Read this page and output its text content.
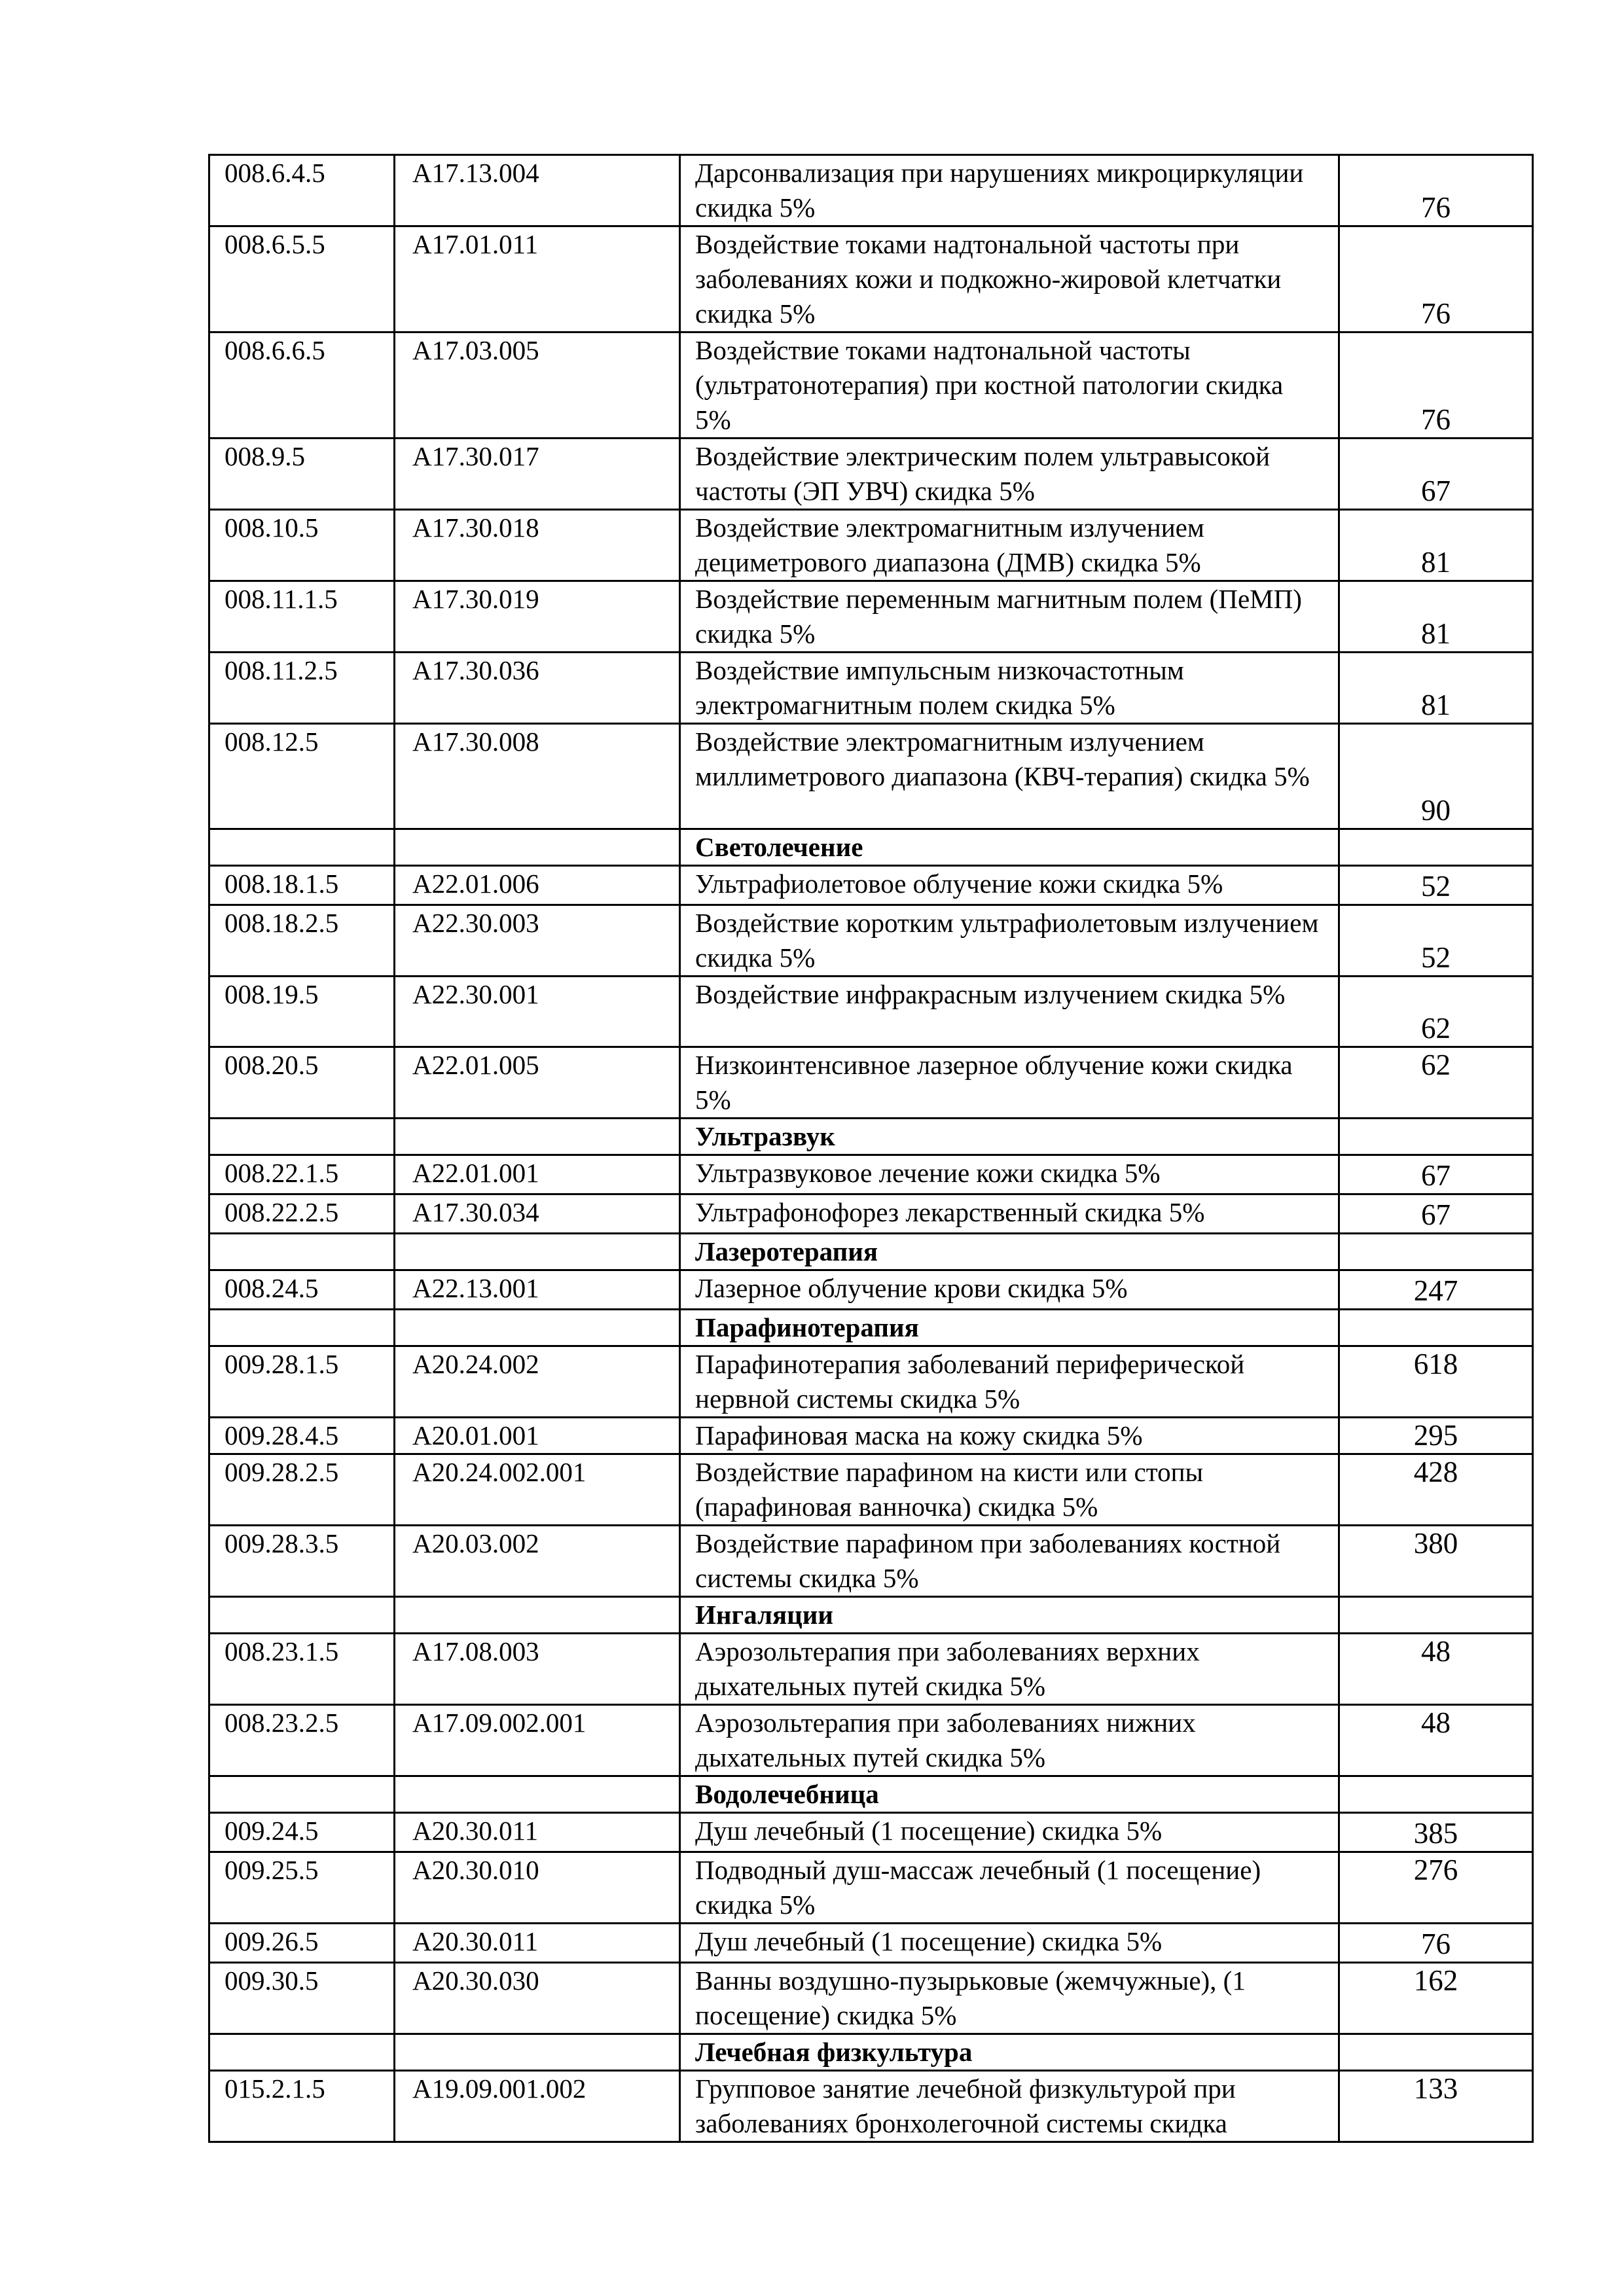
008.6.4.5	А17.13.004	Дарсонвализация при нарушениях микроциркуляции скидка 5%	76
008.6.5.5	А17.01.011	Воздействие токами надтональной частоты при заболеваниях кожи и подкожно-жировой клетчатки скидка 5%	76
008.6.6.5	А17.03.005	Воздействие токами надтональной частоты (ультратонотерапия) при костной патологии скидка 5%	76
008.9.5	А17.30.017	Воздействие электрическим полем ультравысокой частоты (ЭП УВЧ) скидка 5%	67
008.10.5	А17.30.018	Воздействие электромагнитным излучением дециметрового диапазона (ДМВ) скидка 5%	81
008.11.1.5	А17.30.019	Воздействие переменным магнитным полем (ПеМП) скидка 5%	81
008.11.2.5	А17.30.036	Воздействие импульсным низкочастотным электромагнитным полем скидка 5%	81
008.12.5	А17.30.008	Воздействие электромагнитным излучением миллиметрового диапазона (КВЧ-терапия) скидка 5%	90
		Светолечение	
008.18.1.5	А22.01.006	Ультрафиолетовое облучение кожи скидка 5%	52
008.18.2.5	А22.30.003	Воздействие коротким ультрафиолетовым излучением скидка 5%	52
008.19.5	А22.30.001	Воздействие инфракрасным излучением скидка 5%	62
008.20.5	А22.01.005	Низкоинтенсивное лазерное облучение кожи скидка 5%	62
		Ультразвук	
008.22.1.5	А22.01.001	Ультразвуковое лечение кожи скидка 5%	67
008.22.2.5	А17.30.034	Ультрафонофорез лекарственный скидка 5%	67
		Лазеротерапия	
008.24.5	А22.13.001	Лазерное облучение крови скидка 5%	247
		Парафинотерапия	
009.28.1.5	А20.24.002	Парафинотерапия заболеваний периферической нервной системы скидка 5%	618
009.28.4.5	А20.01.001	Парафиновая маска на кожу скидка 5%	295
009.28.2.5	А20.24.002.001	Воздействие парафином на кисти или стопы (парафиновая ванночка) скидка 5%	428
009.28.3.5	А20.03.002	Воздействие парафином при заболеваниях костной системы скидка 5%	380
		Ингаляции	
008.23.1.5	А17.08.003	Аэрозольтерапия при заболеваниях верхних дыхательных путей скидка 5%	48
008.23.2.5	А17.09.002.001	Аэрозольтерапия при заболеваниях нижних дыхательных путей скидка 5%	48
		Водолечебница	
009.24.5	А20.30.011	Душ лечебный (1 посещение) скидка 5%	385
009.25.5	А20.30.010	Подводный душ-массаж лечебный (1 посещение) скидка 5%	276
009.26.5	А20.30.011	Душ лечебный (1 посещение) скидка 5%	76
009.30.5	А20.30.030	Ванны воздушно-пузырьковые (жемчужные), (1 посещение) скидка 5%	162
		Лечебная физкультура	
015.2.1.5	А19.09.001.002	Групповое занятие лечебной физкультурой при заболеваниях бронхолегочной системы скидка	133
